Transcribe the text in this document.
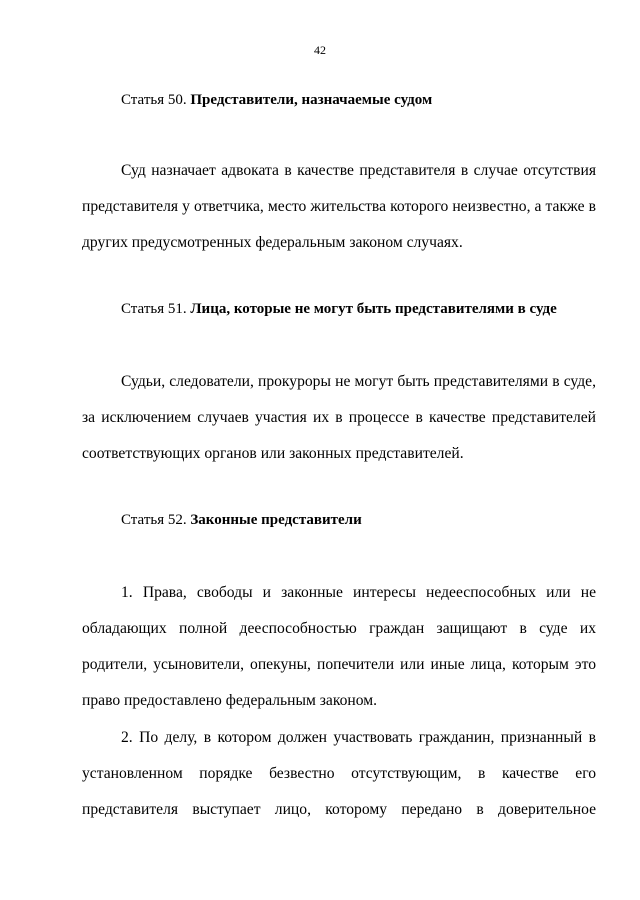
42
Статья 50. Представители, назначаемые судом

Суд назначает адвоката в качестве представителя в случае отсутствия представителя у ответчика, место жительства которого неизвестно, а также в других предусмотренных федеральным законом случаях.

Статья 51. Лица, которые не могут быть представителями в суде

Судьи, следователи, прокуроры не могут быть представителями в суде, за исключением случаев участия их в процессе в качестве представителей соответствующих органов или законных представителей.

Статья 52. Законные представители

1. Права, свободы и законные интересы недееспособных или не обладающих полной дееспособностью граждан защищают в суде их родители, усыновители, опекуны, попечители или иные лица, которым это право предоставлено федеральным законом.

2. По делу, в котором должен участвовать гражданин, признанный в установленном порядке безвестно отсутствующим, в качестве его представителя выступает лицо, которому передано в доверительное
